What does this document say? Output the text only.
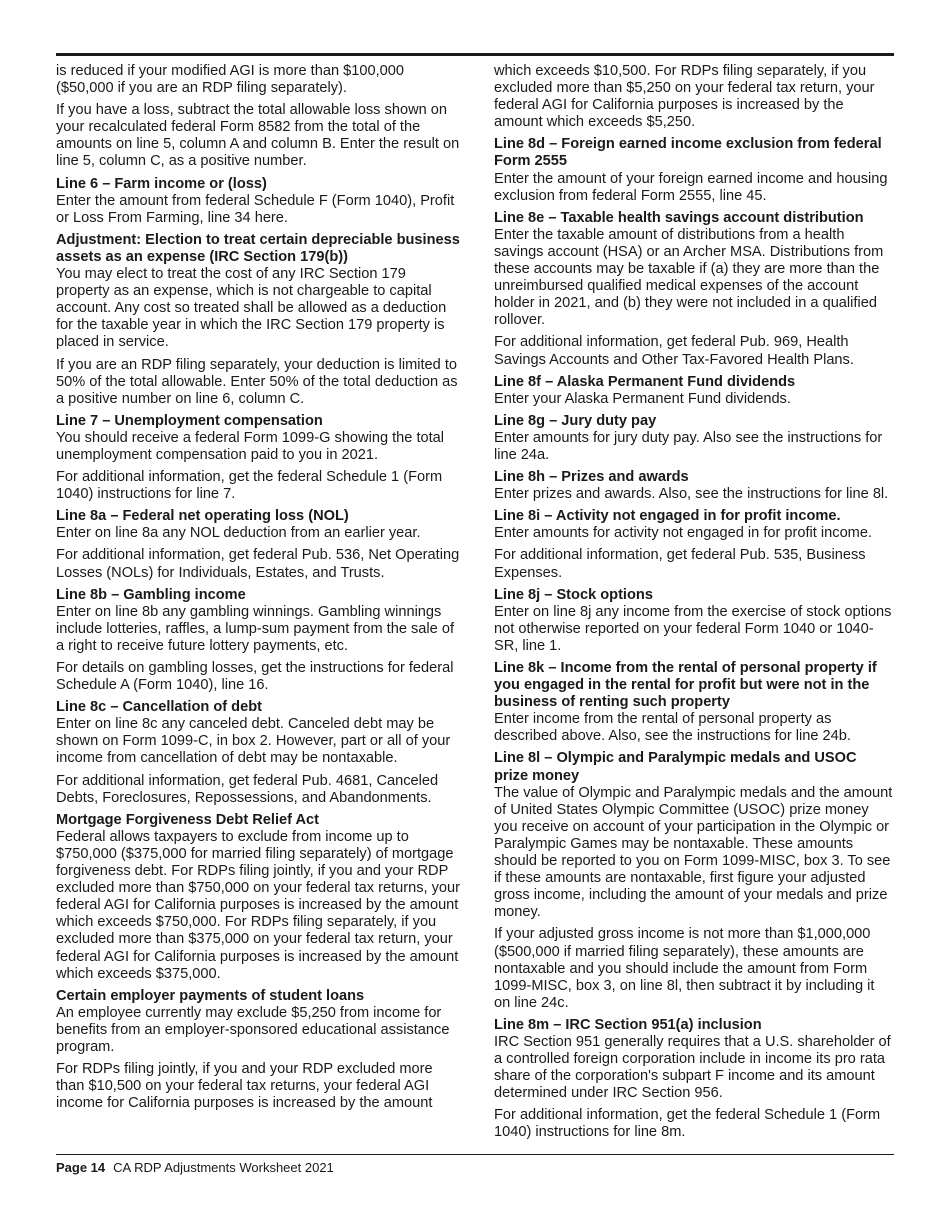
is reduced if your modified AGI is more than $100,000 ($50,000 if you are an RDP filing separately).

If you have a loss, subtract the total allowable loss shown on your recalculated federal Form 8582 from the total of the amounts on line 5, column A and column B. Enter the result on line 5, column C, as a positive number.

Line 6 – Farm income or (loss)

Enter the amount from federal Schedule F (Form 1040), Profit or Loss From Farming, line 34 here.

Adjustment: Election to treat certain depreciable business assets as an expense (IRC Section 179(b))

You may elect to treat the cost of any IRC Section 179 property as an expense, which is not chargeable to capital account. Any cost so treated shall be allowed as a deduction for the taxable year in which the IRC Section 179 property is placed in service.

If you are an RDP filing separately, your deduction is limited to 50% of the total allowable. Enter 50% of the total deduction as a positive number on line 6, column C.

Line 7 – Unemployment compensation

You should receive a federal Form 1099-G showing the total unemployment compensation paid to you in 2021.

For additional information, get the federal Schedule 1 (Form 1040) instructions for line 7.

Line 8a – Federal net operating loss (NOL)

Enter on line 8a any NOL deduction from an earlier year.

For additional information, get federal Pub. 536, Net Operating Losses (NOLs) for Individuals, Estates, and Trusts.

Line 8b – Gambling income

Enter on line 8b any gambling winnings. Gambling winnings include lotteries, raffles, a lump-sum payment from the sale of a right to receive future lottery payments, etc.

For details on gambling losses, get the instructions for federal Schedule A (Form 1040), line 16.

Line 8c – Cancellation of debt

Enter on line 8c any canceled debt. Canceled debt may be shown on Form 1099-C, in box 2. However, part or all of your income from cancellation of debt may be nontaxable.

For additional information, get federal Pub. 4681, Canceled Debts, Foreclosures, Repossessions, and Abandonments.

Mortgage Forgiveness Debt Relief Act

Federal allows taxpayers to exclude from income up to $750,000 ($375,000 for married filing separately) of mortgage forgiveness debt. For RDPs filing jointly, if you and your RDP excluded more than $750,000 on your federal tax returns, your federal AGI for California purposes is increased by the amount which exceeds $750,000. For RDPs filing separately, if you excluded more than $375,000 on your federal tax return, your federal AGI for California purposes is increased by the amount which exceeds $375,000.

Certain employer payments of student loans

An employee currently may exclude $5,250 from income for benefits from an employer-sponsored educational assistance program.

For RDPs filing jointly, if you and your RDP excluded more than $10,500 on your federal tax returns, your federal AGI income for California purposes is increased by the amount

which exceeds $10,500. For RDPs filing separately, if you excluded more than $5,250 on your federal tax return, your federal AGI for California purposes is increased by the amount which exceeds $5,250.

Line 8d – Foreign earned income exclusion from federal Form 2555

Enter the amount of your foreign earned income and housing exclusion from federal Form 2555, line 45.

Line 8e – Taxable health savings account distribution

Enter the taxable amount of distributions from a health savings account (HSA) or an Archer MSA. Distributions from these accounts may be taxable if (a) they are more than the unreimbursed qualified medical expenses of the account holder in 2021, and (b) they were not included in a qualified rollover.

For additional information, get federal Pub. 969, Health Savings Accounts and Other Tax-Favored Health Plans.

Line 8f – Alaska Permanent Fund dividends

Enter your Alaska Permanent Fund dividends.

Line 8g – Jury duty pay

Enter amounts for jury duty pay. Also see the instructions for line 24a.

Line 8h – Prizes and awards

Enter prizes and awards. Also, see the instructions for line 8l.

Line 8i – Activity not engaged in for profit income.

Enter amounts for activity not engaged in for profit income.

For additional information, get federal Pub. 535, Business Expenses.

Line 8j – Stock options

Enter on line 8j any income from the exercise of stock options not otherwise reported on your federal Form 1040 or 1040-SR, line 1.

Line 8k – Income from the rental of personal property if you engaged in the rental for profit but were not in the business of renting such property

Enter income from the rental of personal property as described above. Also, see the instructions for line 24b.

Line 8l – Olympic and Paralympic medals and USOC prize money

The value of Olympic and Paralympic medals and the amount of United States Olympic Committee (USOC) prize money you receive on account of your participation in the Olympic or Paralympic Games may be nontaxable. These amounts should be reported to you on Form 1099-MISC, box 3. To see if these amounts are nontaxable, first figure your adjusted gross income, including the amount of your medals and prize money.

If your adjusted gross income is not more than $1,000,000 ($500,000 if married filing separately), these amounts are nontaxable and you should include the amount from Form 1099-MISC, box 3, on line 8l, then subtract it by including it on line 24c.

Line 8m – IRC Section 951(a) inclusion

IRC Section 951 generally requires that a U.S. shareholder of a controlled foreign corporation include in income its pro rata share of the corporation's subpart F income and its amount determined under IRC Section 956.

For additional information, get the federal Schedule 1 (Form 1040) instructions for line 8m.

Page 14 CA RDP Adjustments Worksheet 2021
